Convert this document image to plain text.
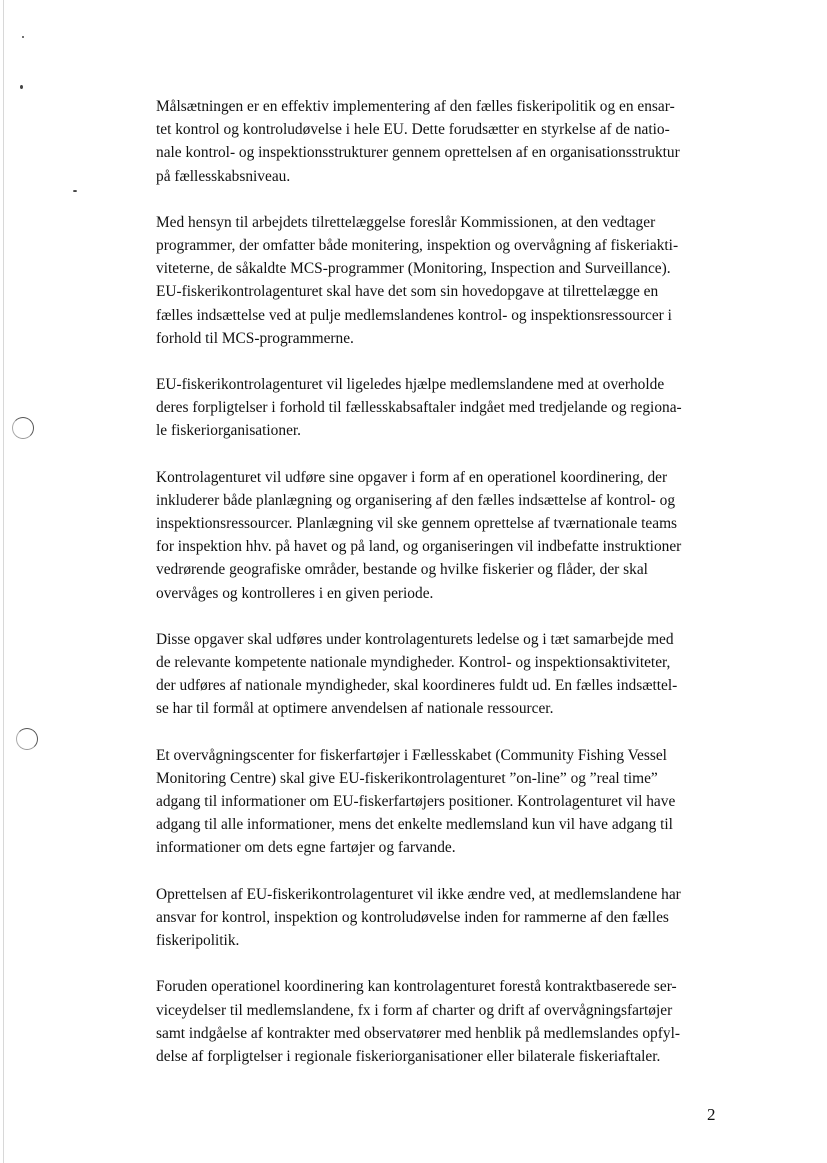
Målsætningen er en effektiv implementering af den fælles fiskeripolitik og en ensar-
tet kontrol og kontroludøvelse i hele EU. Dette forudsætter en styrkelse af de natio-
nale kontrol- og inspektionsstrukturer gennem oprettelsen af en organisationsstruktur
på fællesskabsniveau.

Med hensyn til arbejdets tilrettelæggelse foreslår Kommissionen, at den vedtager
programmer, der omfatter både monitering, inspektion og overvågning af fiskeriakti-
viteterne, de såkaldte MCS-programmer (Monitoring, Inspection and Surveillance).
EU-fiskerikontrolagenturet skal have det som sin hovedopgave at tilrettelægge en
fælles indsættelse ved at pulje medlemslandenes kontrol- og inspektionsressourcer i
forhold til MCS-programmerne.

EU-fiskerikontrolagenturet vil ligeledes hjælpe medlemslandene med at overholde
deres forpligtelser i forhold til fællesskabsaftaler indgået med tredjelande og regiona-
le fiskeriorganisationer.

Kontrolagenturet vil udføre sine opgaver i form af en operationel koordinering, der
inkluderer både planlægning og organisering af den fælles indsættelse af kontrol- og
inspektionsressourcer. Planlægning vil ske gennem oprettelse af tværnationale teams
for inspektion hhv. på havet og på land, og organiseringen vil indbefatte instruktioner
vedrørende geografiske områder, bestande og hvilke fiskerier og flåder, der skal
overvåges og kontrolleres i en given periode.

Disse opgaver skal udføres under kontrolagenturets ledelse og i tæt samarbejde med
de relevante kompetente nationale myndigheder. Kontrol- og inspektionsaktiviteter,
der udføres af nationale myndigheder, skal koordineres fuldt ud. En fælles indsættel-
se har til formål at optimere anvendelsen af nationale ressourcer.

Et overvågningscenter for fiskerfartøjer i Fællesskabet (Community Fishing Vessel
Monitoring Centre) skal give EU-fiskerikontrolagenturet ”on-line” og ”real time”
adgang til informationer om EU-fiskerfartøjers positioner. Kontrolagenturet vil have
adgang til alle informationer, mens det enkelte medlemsland kun vil have adgang til
informationer om dets egne fartøjer og farvande.

Oprettelsen af EU-fiskerikontrolagenturet vil ikke ændre ved, at medlemslandene har
ansvar for kontrol, inspektion og kontroludøvelse inden for rammerne af den fælles
fiskeripolitik.

Foruden operationel koordinering kan kontrolagenturet forestå kontraktbaserede ser-
viceydelser til medlemslandene, fx i form af charter og drift af overvågningsfartøjer
samt indgåelse af kontrakter med observatører med henblik på medlemslandes opfyl-
delse af forpligtelser i regionale fiskeriorganisationer eller bilaterale fiskeriaftaler.

2
